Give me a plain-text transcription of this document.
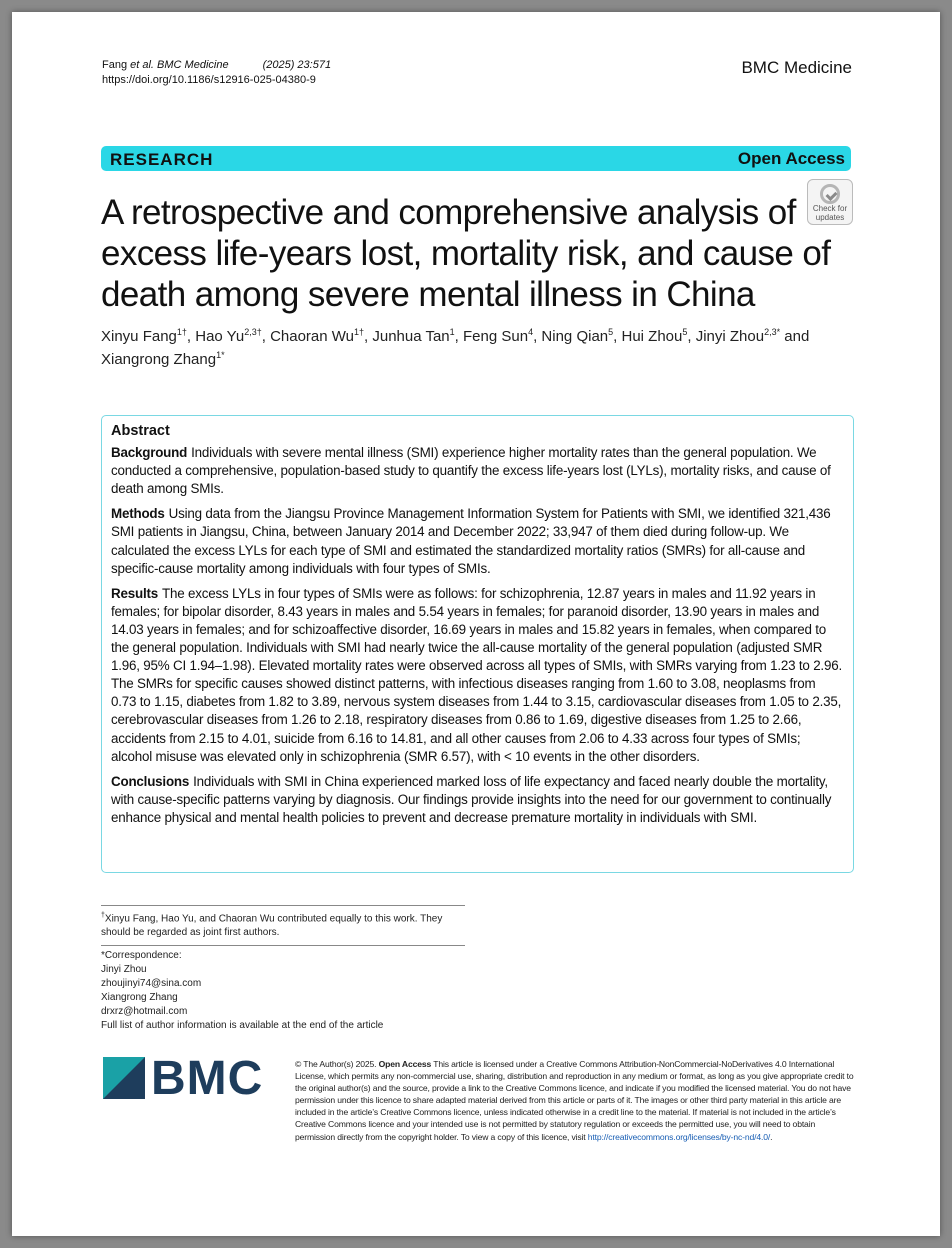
Fang et al. BMC Medicine	(2025) 23:571
https://doi.org/10.1186/s12916-025-04380-9
BMC Medicine
RESEARCH	Open Access
Check for
updates
A retrospective and comprehensive analysis of excess life-years lost, mortality risk, and cause of death among severe mental illness in China
Xinyu Fang$^{1\dagger}$, Hao $Yu^{2,3\dagger}$, Chaoran $Wu^{1\dagger}$, Junhua Tan$^1$, Feng Sun$^4$, Ning Qian$^5$, Hui Zhou$^5$, Jinyi Zhou$^{2,3*}$ and Xiangrong Zhang$^{1*}$
Abstract

Background Individuals with severe mental illness (SMI) experience higher mortality rates than the general population. We conducted a comprehensive, population-based study to quantify the excess life-years lost (LYLs), mortality risks, and cause of death among SMIs.

Methods Using data from the Jiangsu Province Management Information System for Patients with SMI, we identified 321,436 SMI patients in Jiangsu, China, between January 2014 and December 2022; 33,947 of them died during follow-up. We calculated the excess LYLs for each type of SMI and estimated the standardized mortality ratios (SMRs) for all-cause and specific-cause mortality among individuals with four types of SMIs.

Results The excess LYLs in four types of SMIs were as follows: for schizophrenia, 12.87 years in males and 11.92 years in females; for bipolar disorder, 8.43 years in males and 5.54 years in females; for paranoid disorder, 13.90 years in males and 14.03 years in females; and for schizoaffective disorder, 16.69 years in males and 15.82 years in females, when compared to the general population. Individuals with SMI had nearly twice the all-cause mortality of the general population (adjusted SMR 1.96, 95% CI 1.94–1.98). Elevated mortality rates were observed across all types of SMIs, with SMRs varying from 1.23 to 2.96. The SMRs for specific causes showed distinct patterns, with infectious diseases ranging from 1.60 to 3.08, neoplasms from 0.73 to 1.15, diabetes from 1.82 to 3.89, nervous system diseases from 1.44 to 3.15, cardiovascular diseases from 1.05 to 2.35, cerebrovascular diseases from 1.26 to 2.18, respiratory diseases from 0.86 to 1.69, digestive diseases from 1.25 to 2.66, accidents from 2.15 to 4.01, suicide from 6.16 to 14.81, and all other causes from 2.06 to 4.33 across four types of SMIs; alcohol misuse was elevated only in schizophrenia (SMR 6.57), with < 10 events in the other disorders.

Conclusions Individuals with SMI in China experienced marked loss of life expectancy and faced nearly double the mortality, with cause-specific patterns varying by diagnosis. Our findings provide insights into the need for our government to continually enhance physical and mental health policies to prevent and decrease premature mortality in individuals with SMI.

†Xinyu Fang, Hao Yu, and Chaoran Wu contributed equally to this work. They should be regarded as joint first authors.
*Correspondence:
Jinyi Zhou
zhoujinyi74@sina.com
Xiangrong Zhang
drxrz@hotmail.com
Full list of author information is available at the end of the article
BMC	© The Author(s) 2025. Open Access This article is licensed under a Creative Commons Attribution-NonCommercial-NoDerivatives 4.0 International License, which permits any non-commercial use, sharing, distribution and reproduction in any medium or format, as long as you give appropriate credit to the original author(s) and the source, provide a link to the Creative Commons licence, and indicate if you modified the licensed material. You do not have permission under this licence to share adapted material derived from this article or parts of it. The images or other third party material in this article are included in the article’s Creative Commons licence, unless indicated otherwise in a credit line to the material. If material is not included in the article’s Creative Commons licence and your intended use is not permitted by statutory regulation or exceeds the permitted use, you will need to obtain permission directly from the copyright holder. To view a copy of this licence, visit http://creativecommons.org/licenses/by-nc-nd/4.0/.
